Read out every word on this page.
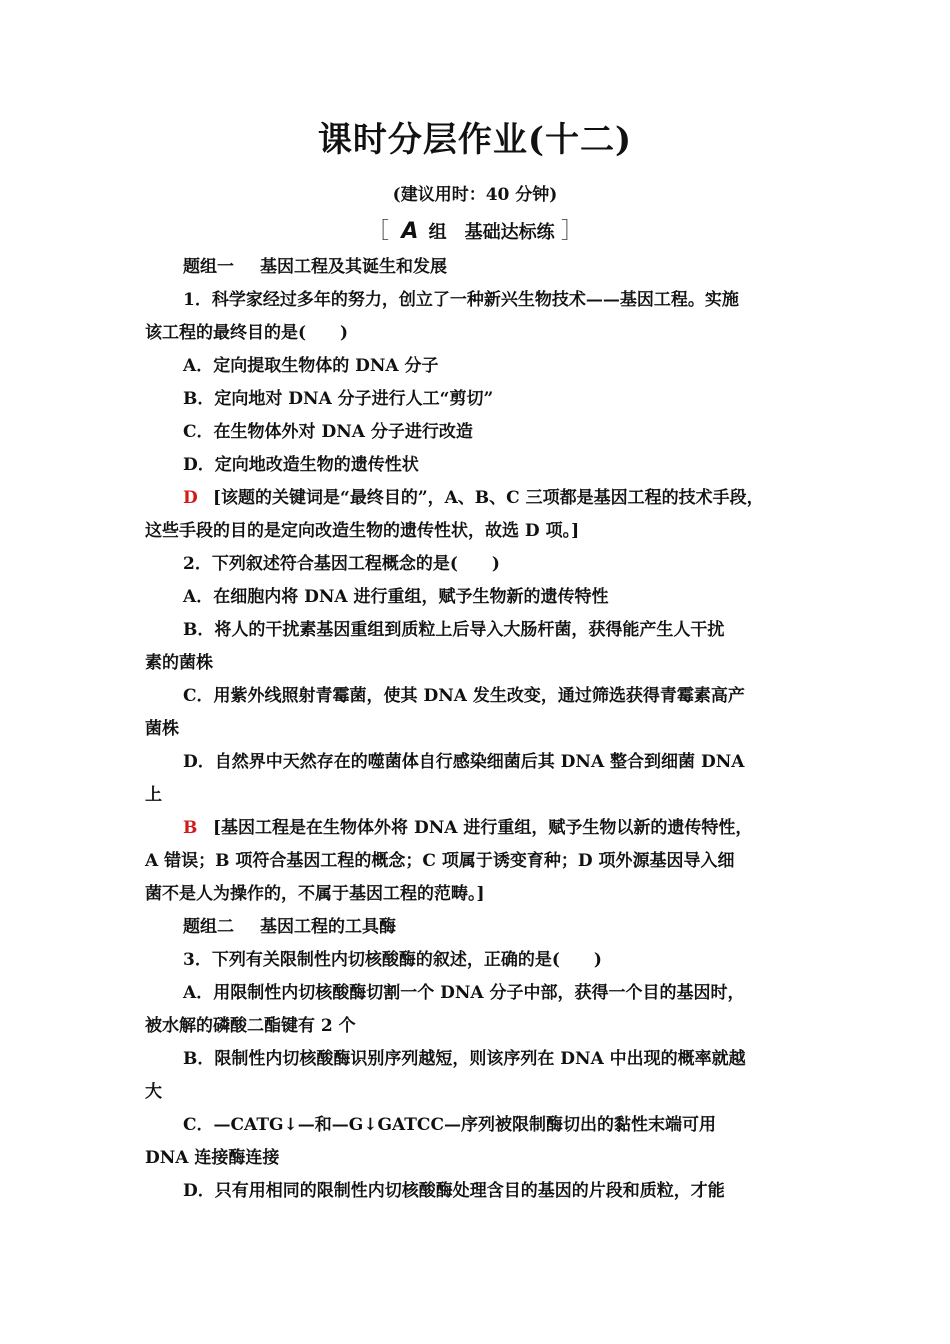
课时分层作业(十二)
(建议用时：40 分钟)
［ A 组　基础达标练 ］
题组一 基因工程及其诞生和发展
1．科学家经过多年的努力，创立了一种新兴生物技术——基因工程。实施
该工程的最终目的是(　　)
A．定向提取生物体的 DNA 分子
B．定向地对 DNA 分子进行人工“剪切”
C．在生物体外对 DNA 分子进行改造
D．定向地改造生物的遗传性状
D [该题的关键词是“最终目的”，A、B、C 三项都是基因工程的技术手段，
这些手段的目的是定向改造生物的遗传性状，故选 D 项。]
2．下列叙述符合基因工程概念的是(　　)
A．在细胞内将 DNA 进行重组，赋予生物新的遗传特性
B．将人的干扰素基因重组到质粒上后导入大肠杆菌，获得能产生人干扰
素的菌株
C．用紫外线照射青霉菌，使其 DNA 发生改变，通过筛选获得青霉素高产
菌株
D．自然界中天然存在的噬菌体自行感染细菌后其 DNA 整合到细菌 DNA
上
B [基因工程是在生物体外将 DNA 进行重组，赋予生物以新的遗传特性，
A 错误；B 项符合基因工程的概念；C 项属于诱变育种；D 项外源基因导入细
菌不是人为操作的，不属于基因工程的范畴。]
题组二 基因工程的工具酶
3．下列有关限制性内切核酸酶的叙述，正确的是(　　)
A．用限制性内切核酸酶切割一个 DNA 分子中部，获得一个目的基因时，
被水解的磷酸二酯键有 2 个
B．限制性内切核酸酶识别序列越短，则该序列在 DNA 中出现的概率就越
大
C．—CATG↓—和—G↓GATCC—序列被限制酶切出的黏性末端可用
DNA 连接酶连接
D．只有用相同的限制性内切核酸酶处理含目的基因的片段和质粒，才能
